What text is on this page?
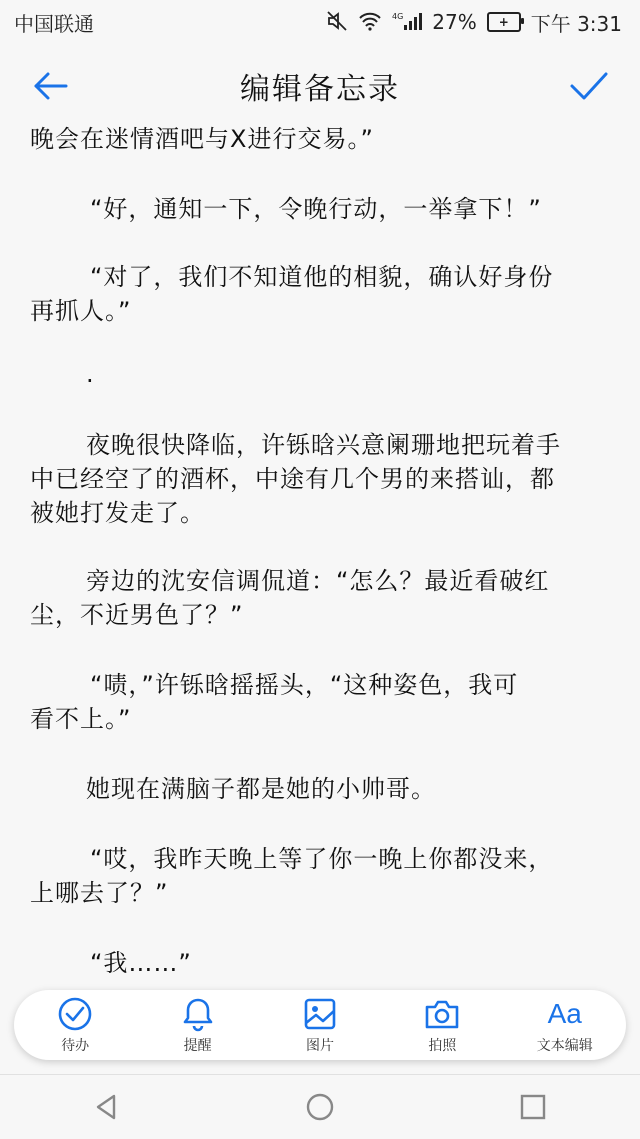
中国联通	4G 27% + 下午 3:31
编辑备忘录
晚会在迷情酒吧与X进行交易。”
“好，通知一下，令晚行动，一举拿下！”
“对了，我们不知道他的相貌，确认好身份
再抓人。”
·
夜晚很快降临，许铄晗兴意阑珊地把玩着手
中已经空了的酒杯，中途有几个男的来搭讪，都
被她打发走了。
旁边的沈安信调侃道：“怎么？最近看破红
尘，不近男色了？”
“啧，”许铄晗摇摇头，“这种姿色，我可
看不上。”
她现在满脑子都是她的小帅哥。
“哎，我昨天晚上等了你一晚上你都没来，
上哪去了？”
“我……”
待办	提醒	图片	拍照
Aa
文本编辑
